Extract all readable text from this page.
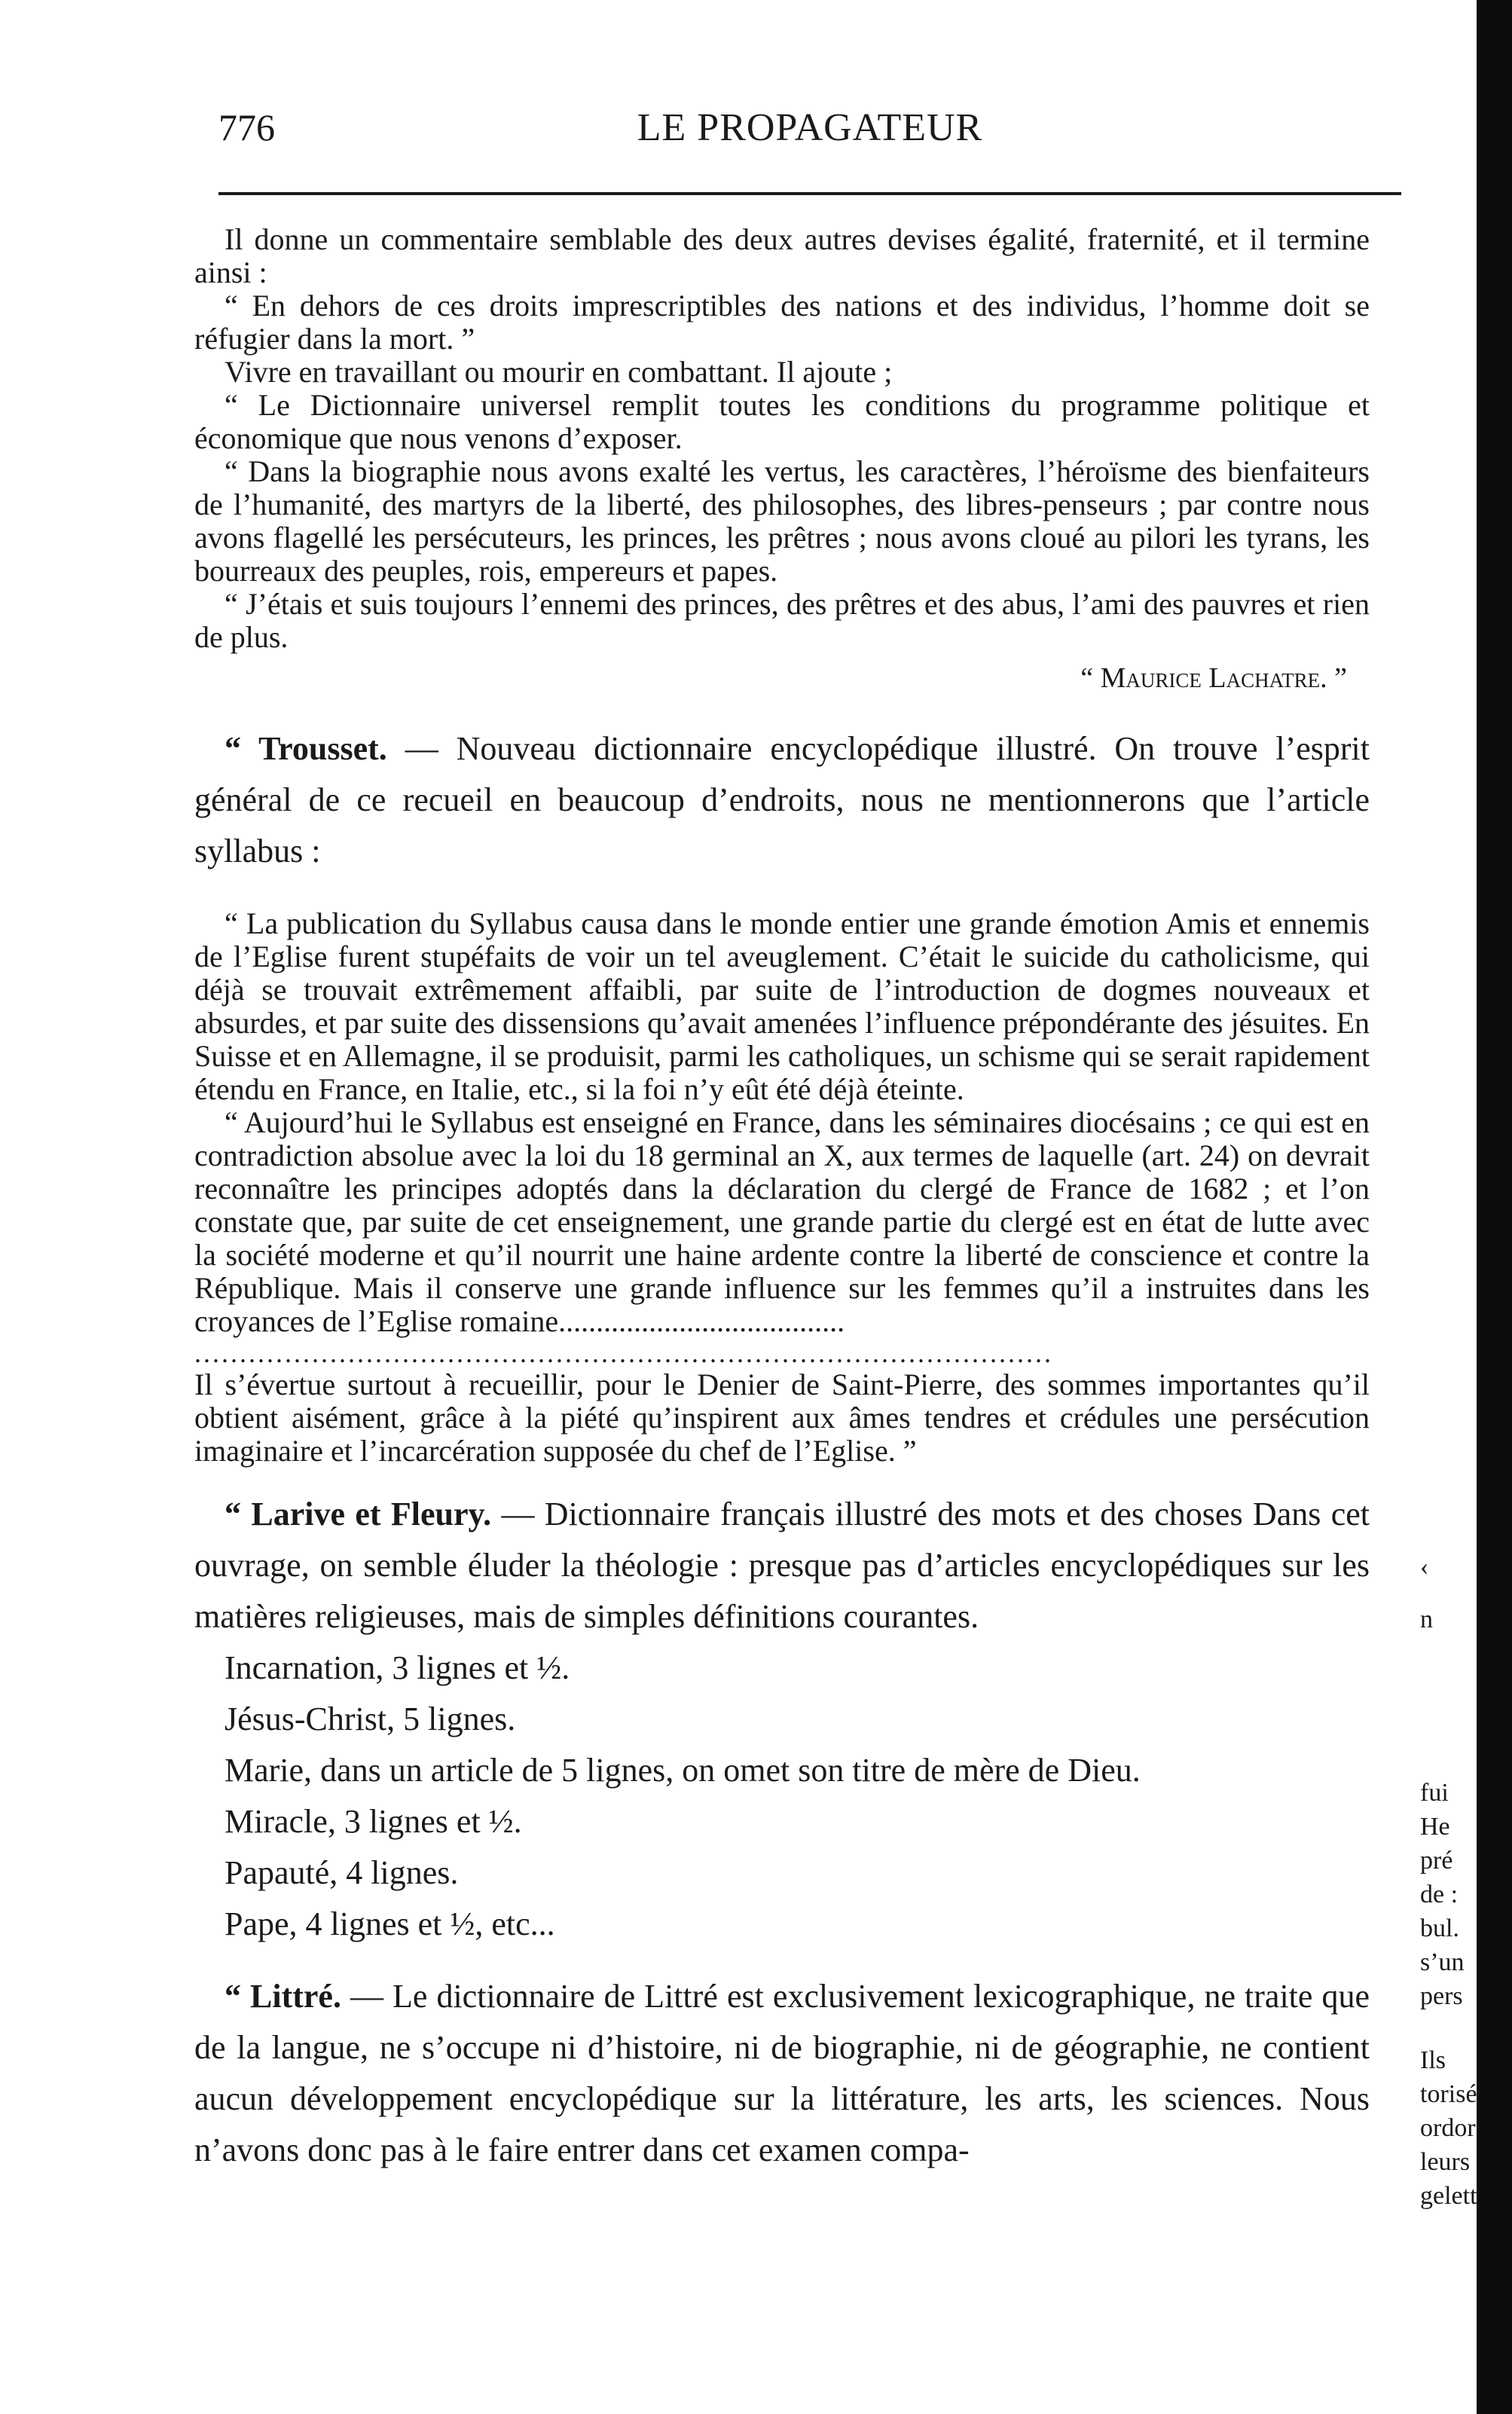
776	LE PROPAGATEUR

Il donne un commentaire semblable des deux autres devises égalité, fraternité, et il termine ainsi :

“ En dehors de ces droits imprescriptibles des nations et des individus, l’homme doit se réfugier dans la mort. ”

Vivre en travaillant ou mourir en combattant. Il ajoute ;

“ Le Dictionnaire universel remplit toutes les conditions du programme politique et économique que nous venons d’exposer.

“ Dans la biographie nous avons exalté les vertus, les caractères, l’héroïsme des bienfaiteurs de l’humanité, des martyrs de la liberté, des philosophes, des libres-penseurs ; par contre nous avons flagellé les persécuteurs, les princes, les prêtres ; nous avons cloué au pilori les tyrans, les bourreaux des peuples, rois, empereurs et papes.

“ J’étais et suis toujours l’ennemi des princes, des prêtres et des abus, l’ami des pauvres et rien de plus.

“ Maurice Lachatre. ”

“ Trousset. — Nouveau dictionnaire encyclopédique illustré. On trouve l’esprit général de ce recueil en beaucoup d’endroits, nous ne mentionnerons que l’article syllabus :

“ La publication du Syllabus causa dans le monde entier une grande émotion Amis et ennemis de l’Eglise furent stupéfaits de voir un tel aveuglement. C’était le suicide du catholicisme, qui déjà se trouvait extrêmement affaibli, par suite de l’introduction de dogmes nouveaux et absurdes, et par suite des dissensions qu’avait amenées l’influence prépondérante des jésuites. En Suisse et en Allemagne, il se produisit, parmi les catholiques, un schisme qui se serait rapidement étendu en France, en Italie, etc., si la foi n’y eût été déjà éteinte.

“ Aujourd’hui le Syllabus est enseigné en France, dans les séminaires diocésains ; ce qui est en contradiction absolue avec la loi du 18 germinal an X, aux termes de laquelle (art. 24) on devrait reconnaître les principes adoptés dans la déclaration du clergé de France de 1682 ; et l’on constate que, par suite de cet enseignement, une grande partie du clergé est en état de lutte avec la société moderne et qu’il nourrit une haine ardente contre la liberté de conscience et contre la République. Mais il conserve une grande influence sur les femmes qu’il a instruites dans les croyances de l’Eglise romaine......................................

...............................................................................................

Il s’évertue surtout à recueillir, pour le Denier de Saint-Pierre, des sommes importantes qu’il obtient aisément, grâce à la piété qu’inspirent aux âmes tendres et crédules une persécution imaginaire et l’incarcération supposée du chef de l’Eglise. ”

“ Larive et Fleury. — Dictionnaire français illustré des mots et des choses Dans cet ouvrage, on semble éluder la théologie : presque pas d’articles encyclopédiques sur les matières religieuses, mais de simples définitions courantes.

Incarnation, 3 lignes et ½.

Jésus-Christ, 5 lignes.

Marie, dans un article de 5 lignes, on omet son titre de mère de Dieu.

Miracle, 3 lignes et ½.

Papauté, 4 lignes.

Pape, 4 lignes et ½, etc...

“ Littré. — Le dictionnaire de Littré est exclusivement lexicographique, ne traite que de la langue, ne s’occupe ni d’histoire, ni de biographie, ni de géographie, ne contient aucun développement encyclopédique sur la littérature, les arts, les sciences. Nous n’avons donc pas à le faire entrer dans cet examen compa-

‹
n
fui
He
pré
de :
bul.
s’un
pers
Ils
torisé
ordor
leurs
gelett
